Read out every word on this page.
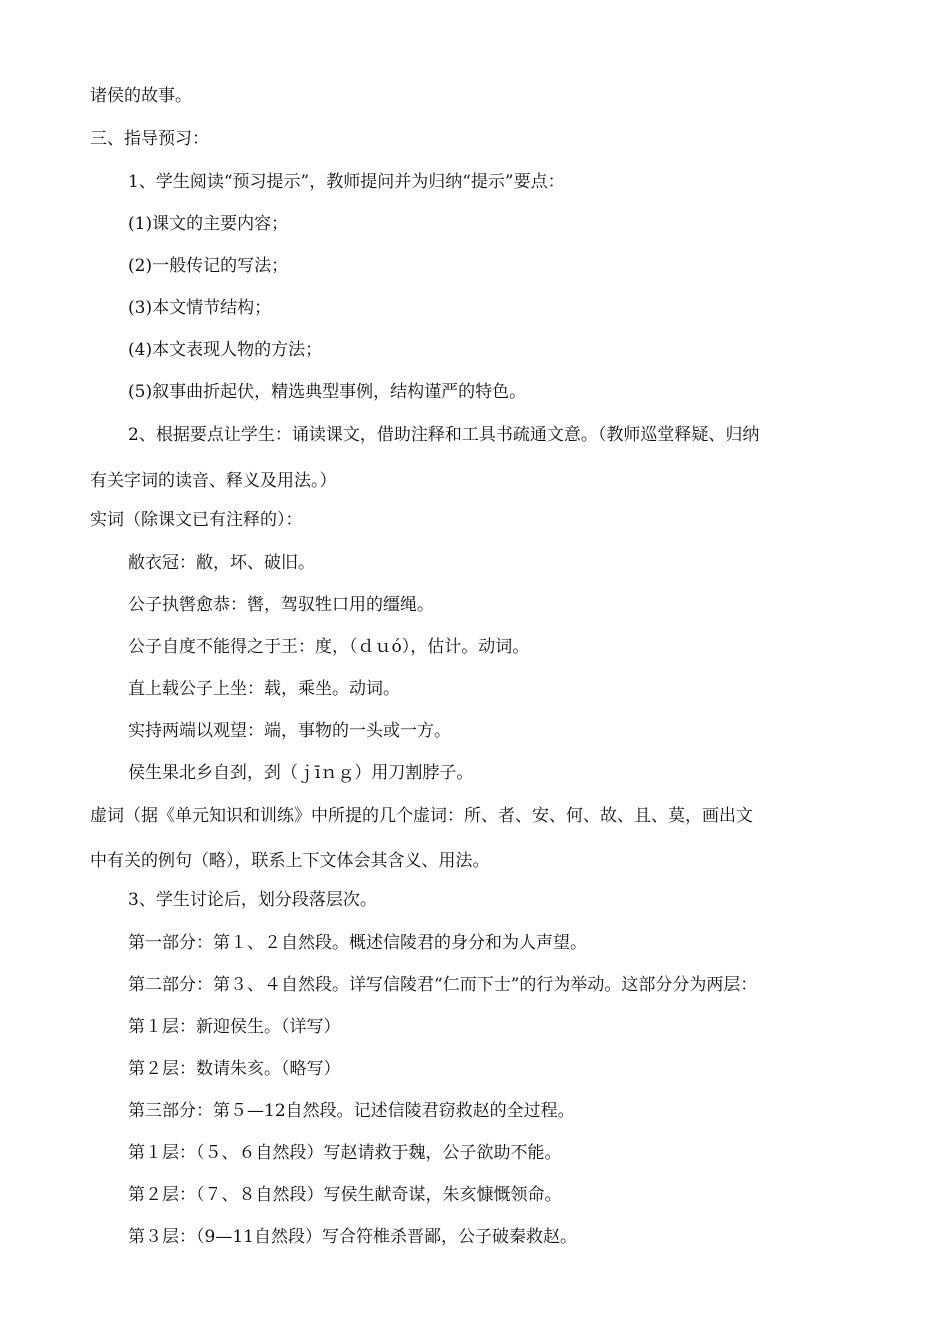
诸侯的故事。
三、指导预习：
1、学生阅读“预习提示”，教师提问并为归纳“提示”要点：
(1)课文的主要内容；
(2)一般传记的写法；
(3)本文情节结构；
(4)本文表现人物的方法；
(5)叙事曲折起伏，精选典型事例，结构谨严的特色。
2、根据要点让学生：诵读课文，借助注释和工具书疏通文意。（教师巡堂释疑、归纳
有关字词的读音、释义及用法。）
实词（除课文已有注释的）：
敝衣冠：敝，坏、破旧。
公子执辔愈恭：辔，驾驭牲口用的缰绳。
公子自度不能得之于王：度，（ｄｕó），估计。动词。
直上载公子上坐：载，乘坐。动词。
实持两端以观望：端，事物的一头或一方。
侯生果北乡自刭，刭（ｊīｎｇ）用刀割脖子。
虚词（据《单元知识和训练》中所提的几个虚词：所、者、安、何、故、且、莫，画出文
中有关的例句（略），联系上下文体会其含义、用法。
3、学生讨论后，划分段落层次。
第一部分：第１、２自然段。概述信陵君的身分和为人声望。
第二部分：第３、４自然段。详写信陵君“仁而下士”的行为举动。这部分分为两层：
第１层：新迎侯生。（详写）
第２层：数请朱亥。（略写）
第三部分：第５—12自然段。记述信陵君窃救赵的全过程。
第１层：（５、６自然段）写赵请救于魏，公子欲助不能。
第２层：（７、８自然段）写侯生献奇谋，朱亥慷慨领命。
第３层：（9—11自然段）写合符椎杀晋鄙，公子破秦救赵。
